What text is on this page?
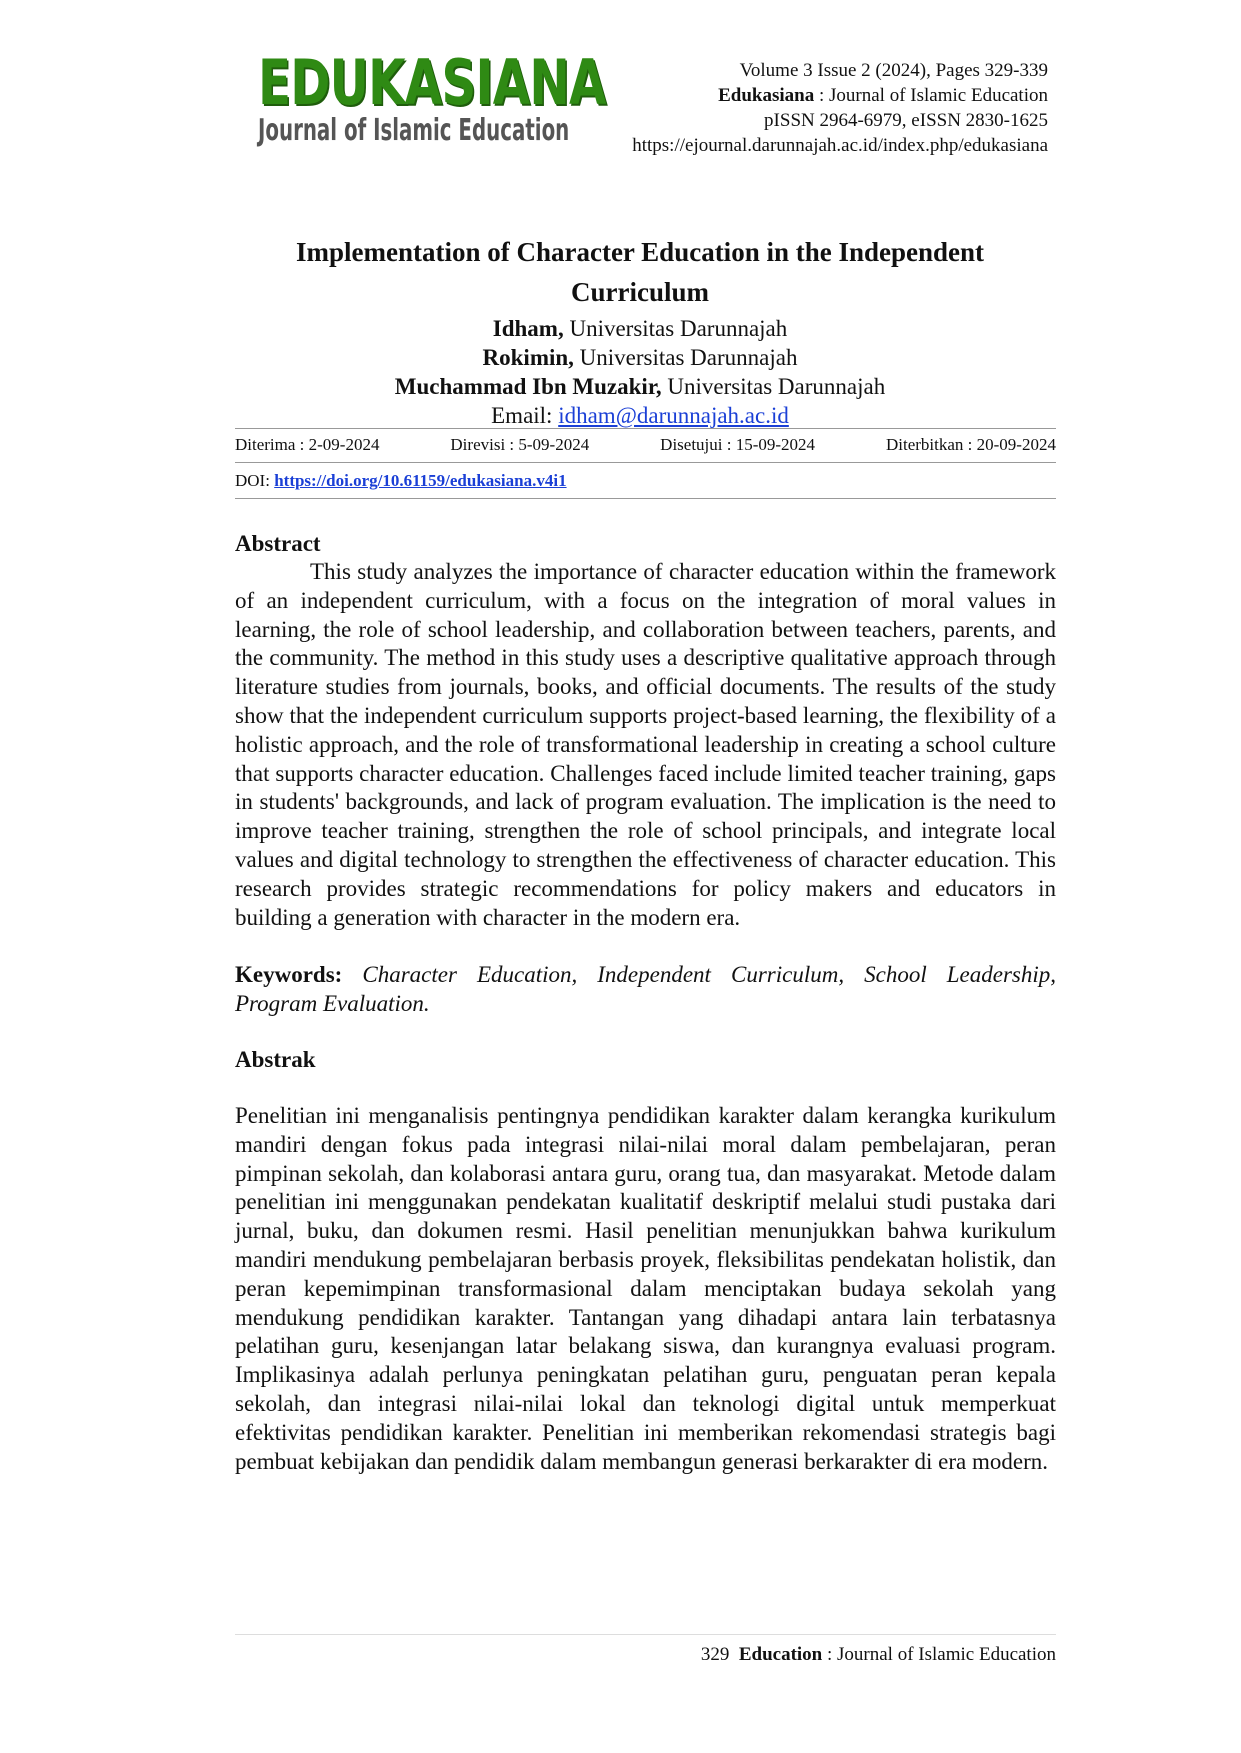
EDUKASIANA
Journal of Islamic Education
Volume 3 Issue 2 (2024), Pages 329-339
Edukasiana : Journal of Islamic Education
pISSN 2964-6979, eISSN 2830-1625
https://ejournal.darunnajah.ac.id/index.php/edukasiana
Implementation of Character Education in the Independent Curriculum
Idham, Universitas Darunnajah
Rokimin, Universitas Darunnajah
Muchammad Ibn Muzakir, Universitas Darunnajah
Email: idham@darunnajah.ac.id
Diterima : 2-09-2024	Direvisi : 5-09-2024	Disetujui : 15-09-2024	Diterbitkan : 20-09-2024
DOI: https://doi.org/10.61159/edukasiana.v4i1
Abstract
This study analyzes the importance of character education within the framework of an independent curriculum, with a focus on the integration of moral values in learning, the role of school leadership, and collaboration between teachers, parents, and the community. The method in this study uses a descriptive qualitative approach through literature studies from journals, books, and official documents. The results of the study show that the independent curriculum supports project-based learning, the flexibility of a holistic approach, and the role of transformational leadership in creating a school culture that supports character education. Challenges faced include limited teacher training, gaps in students' backgrounds, and lack of program evaluation. The implication is the need to improve teacher training, strengthen the role of school principals, and integrate local values and digital technology to strengthen the effectiveness of character education. This research provides strategic recommendations for policy makers and educators in building a generation with character in the modern era.
Keywords: Character Education, Independent Curriculum, School Leadership, Program Evaluation.
Abstrak
Penelitian ini menganalisis pentingnya pendidikan karakter dalam kerangka kurikulum mandiri dengan fokus pada integrasi nilai-nilai moral dalam pembelajaran, peran pimpinan sekolah, dan kolaborasi antara guru, orang tua, dan masyarakat. Metode dalam penelitian ini menggunakan pendekatan kualitatif deskriptif melalui studi pustaka dari jurnal, buku, dan dokumen resmi. Hasil penelitian menunjukkan bahwa kurikulum mandiri mendukung pembelajaran berbasis proyek, fleksibilitas pendekatan holistik, dan peran kepemimpinan transformasional dalam menciptakan budaya sekolah yang mendukung pendidikan karakter. Tantangan yang dihadapi antara lain terbatasnya pelatihan guru, kesenjangan latar belakang siswa, dan kurangnya evaluasi program. Implikasinya adalah perlunya peningkatan pelatihan guru, penguatan peran kepala sekolah, dan integrasi nilai-nilai lokal dan teknologi digital untuk memperkuat efektivitas pendidikan karakter. Penelitian ini memberikan rekomendasi strategis bagi pembuat kebijakan dan pendidik dalam membangun generasi berkarakter di era modern.
329 Education : Journal of Islamic Education
